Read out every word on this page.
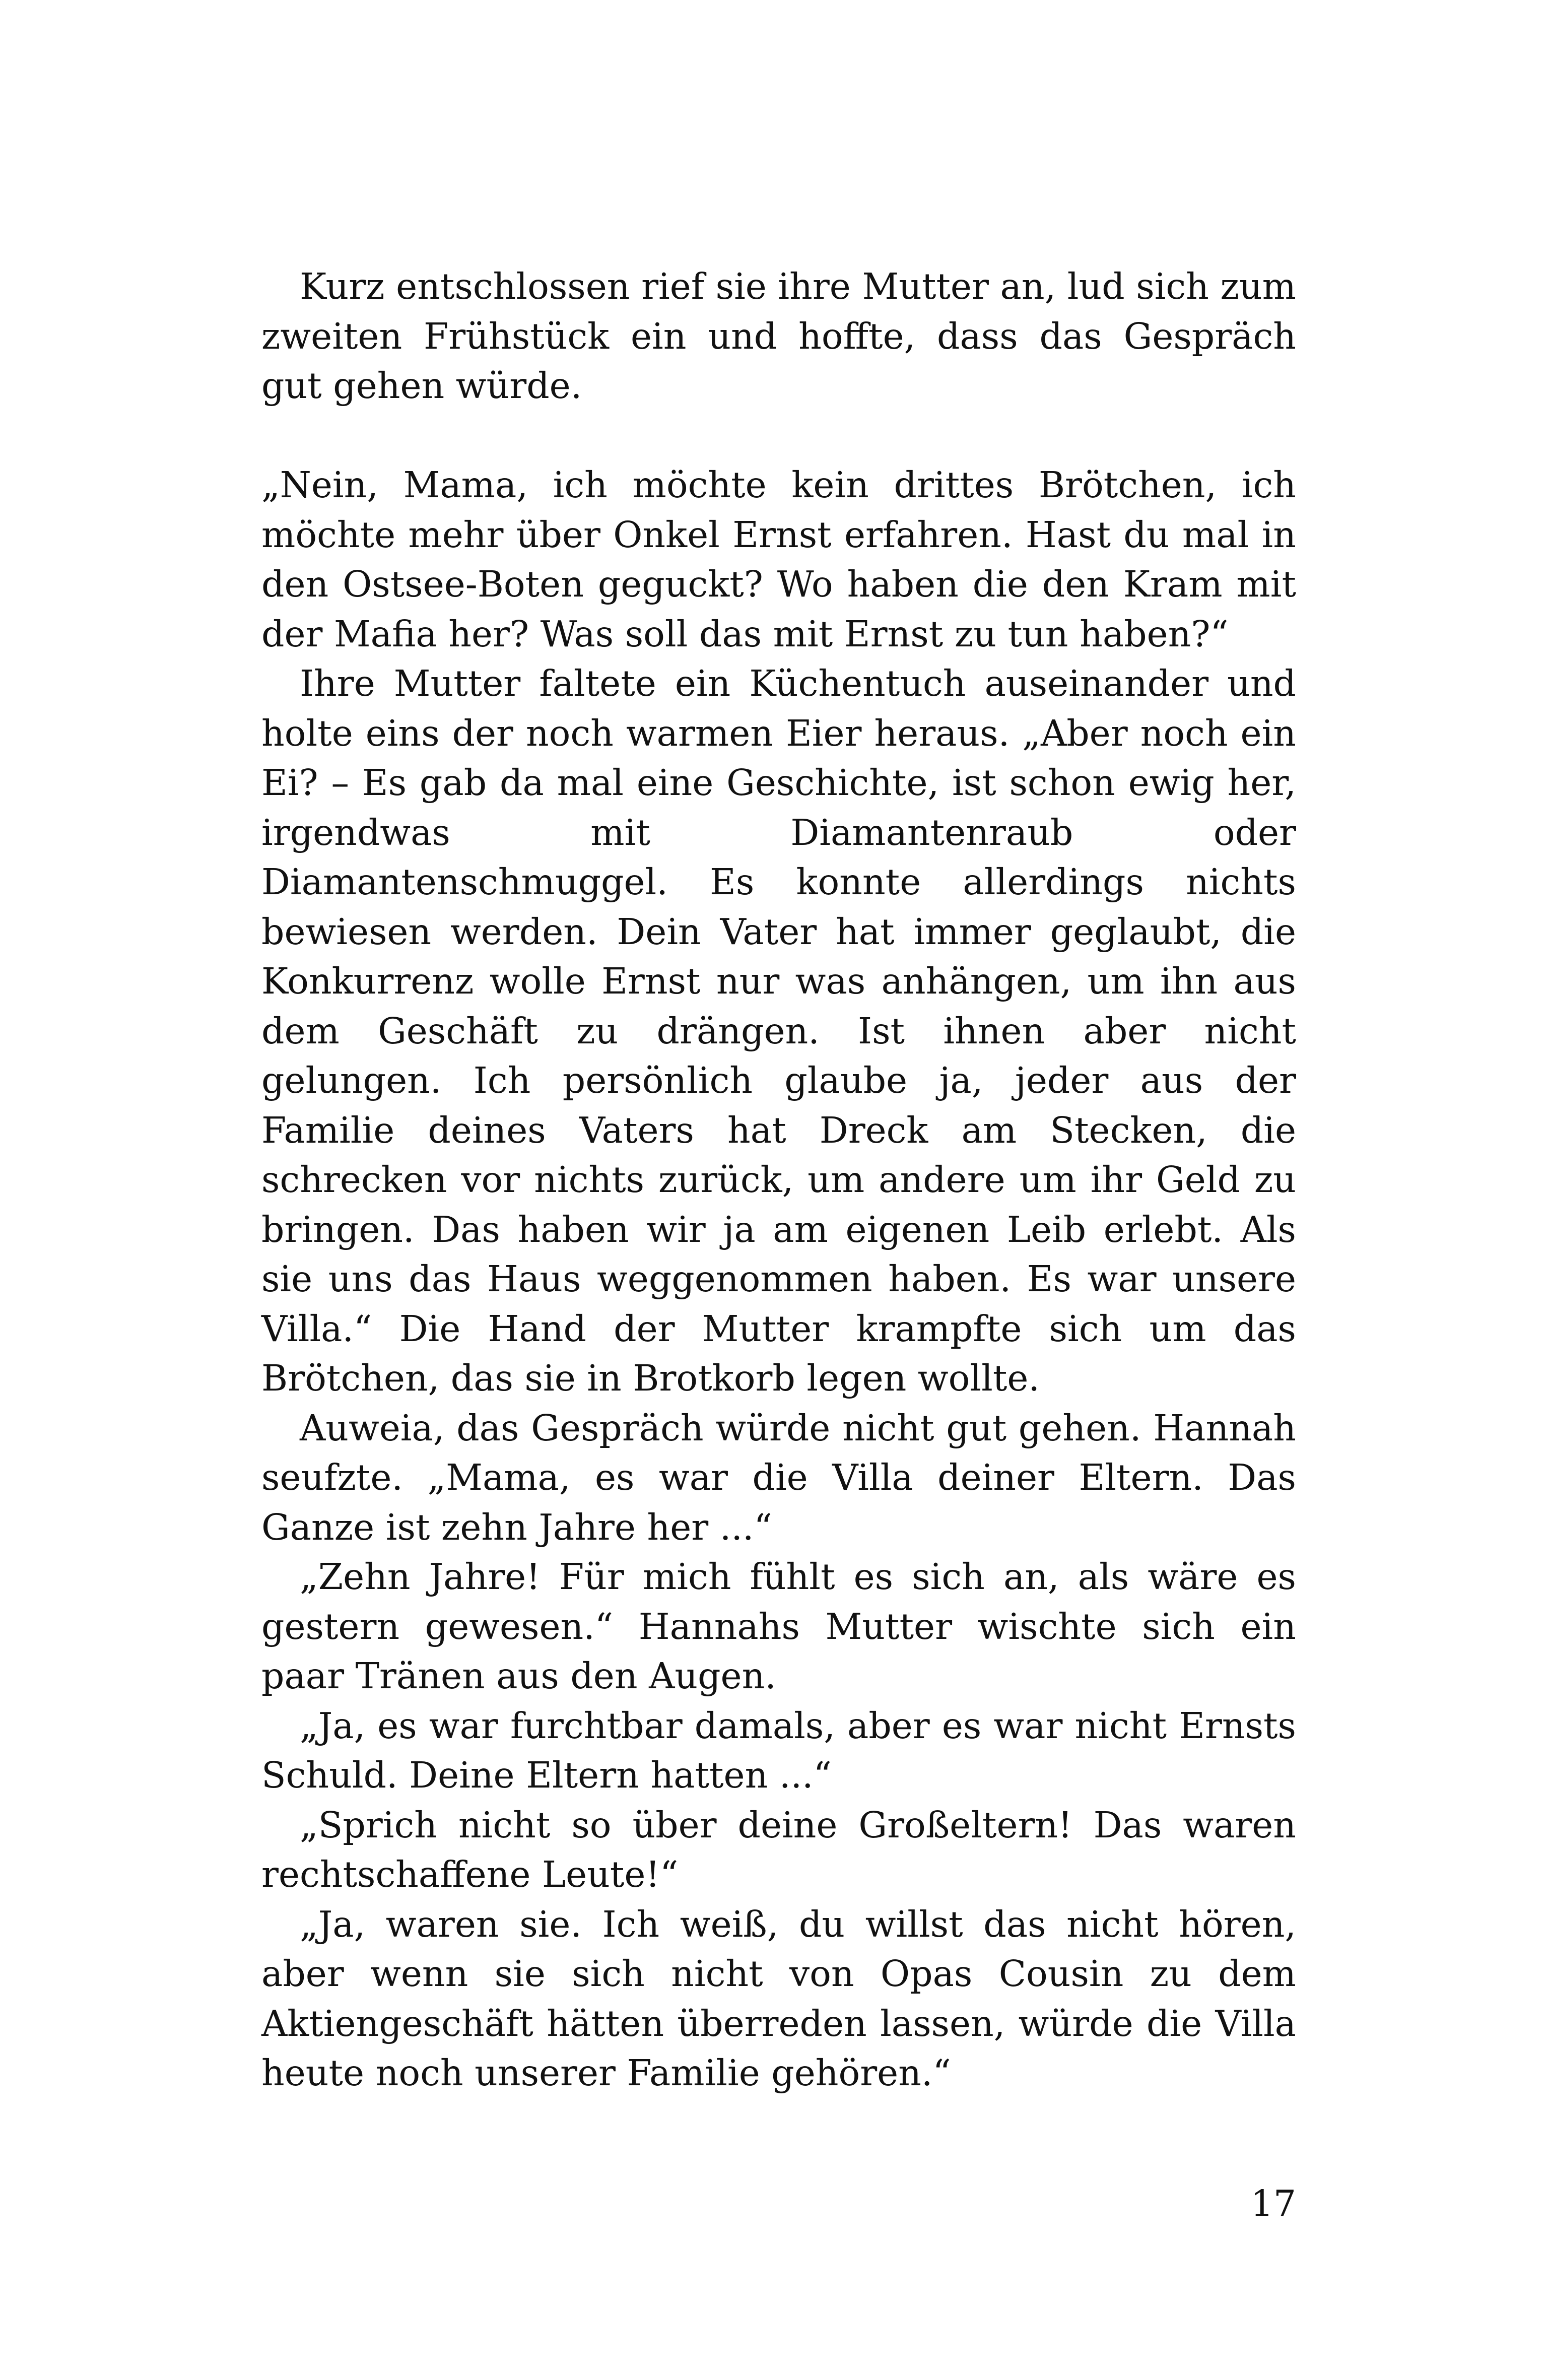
Kurz entschlossen rief sie ihre Mutter an, lud sich zum zweiten Frühstück ein und hoffte, dass das Gespräch gut gehen würde.

„Nein, Mama, ich möchte kein drittes Brötchen, ich möchte mehr über Onkel Ernst erfahren. Hast du mal in den Ostsee-Boten geguckt? Wo haben die den Kram mit der Mafia her? Was soll das mit Ernst zu tun haben?“

Ihre Mutter faltete ein Küchentuch auseinander und holte eins der noch warmen Eier heraus. „Aber noch ein Ei? – Es gab da mal eine Geschichte, ist schon ewig her, irgendwas mit Diamantenraub oder Diamantenschmuggel. Es konnte allerdings nichts bewiesen werden. Dein Vater hat immer geglaubt, die Konkurrenz wolle Ernst nur was anhängen, um ihn aus dem Geschäft zu drängen. Ist ihnen aber nicht gelungen. Ich persönlich glaube ja, jeder aus der Familie deines Vaters hat Dreck am Stecken, die schrecken vor nichts zurück, um andere um ihr Geld zu bringen. Das haben wir ja am eigenen Leib erlebt. Als sie uns das Haus weggenommen haben. Es war unsere Villa.“ Die Hand der Mutter krampfte sich um das Brötchen, das sie in Brotkorb legen wollte.

Auweia, das Gespräch würde nicht gut gehen. Hannah seufzte. „Mama, es war die Villa deiner Eltern. Das Ganze ist zehn Jahre her ...“

„Zehn Jahre! Für mich fühlt es sich an, als wäre es gestern gewesen.“ Hannahs Mutter wischte sich ein paar Tränen aus den Augen.

„Ja, es war furchtbar damals, aber es war nicht Ernsts Schuld. Deine Eltern hatten ...“

„Sprich nicht so über deine Großeltern! Das waren rechtschaffene Leute!“

„Ja, waren sie. Ich weiß, du willst das nicht hören, aber wenn sie sich nicht von Opas Cousin zu dem Aktiengeschäft hätten überreden lassen, würde die Villa heute noch unserer Familie gehören.“

17
